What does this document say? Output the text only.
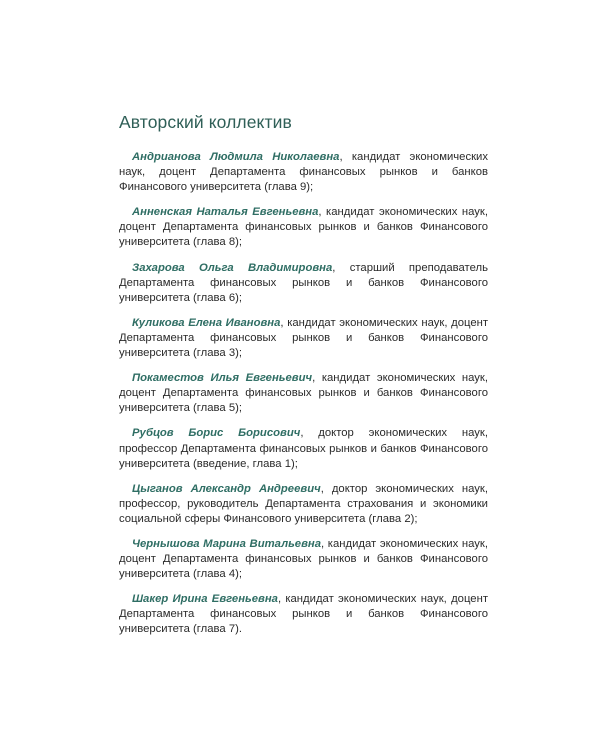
Авторский коллектив
Андрианова Людмила Николаевна, кандидат экономических наук, доцент Департамента финансовых рынков и банков Финансового университета (глава 9);
Анненская Наталья Евгеньевна, кандидат экономических наук, доцент Департамента финансовых рынков и банков Финансового университета (глава 8);
Захарова Ольга Владимировна, старший преподаватель Департамента финансовых рынков и банков Финансового университета (глава 6);
Куликова Елена Ивановна, кандидат экономических наук, доцент Департамента финансовых рынков и банков Финансового университета (глава 3);
Покаместов Илья Евгеньевич, кандидат экономических наук, доцент Департамента финансовых рынков и банков Финансового университета (глава 5);
Рубцов Борис Борисович, доктор экономических наук, профессор Департамента финансовых рынков и банков Финансового университета (введение, глава 1);
Цыганов Александр Андреевич, доктор экономических наук, профессор, руководитель Департамента страхования и экономики социальной сферы Финансового университета (глава 2);
Чернышова Марина Витальевна, кандидат экономических наук, доцент Департамента финансовых рынков и банков Финансового университета (глава 4);
Шакер Ирина Евгеньевна, кандидат экономических наук, доцент Департамента финансовых рынков и банков Финансового университета (глава 7).
